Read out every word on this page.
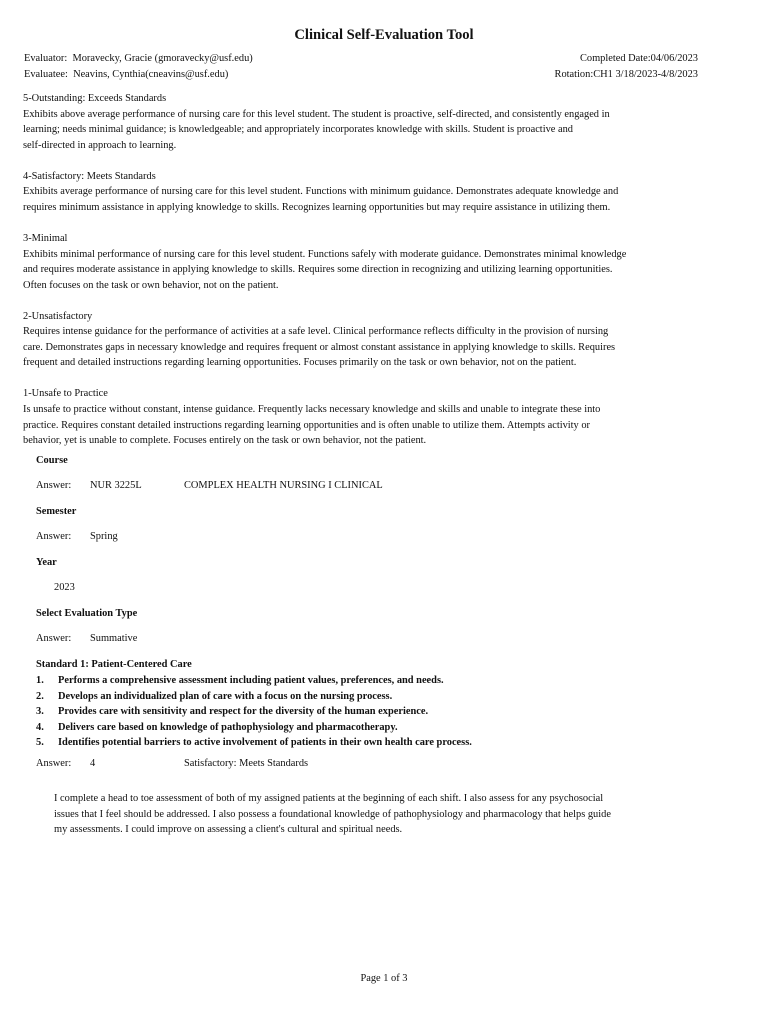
Clinical Self-Evaluation Tool
Evaluator: Moravecky, Gracie (gmoravecky@usf.edu)	Completed Date:04/06/2023
Evaluatee: Neavins, Cynthia(cneavins@usf.edu)	Rotation:CH1 3/18/2023-4/8/2023
5-Outstanding: Exceeds Standards
Exhibits above average performance of nursing care for this level student. The student is proactive, self-directed, and consistently engaged in
learning; needs minimal guidance; is knowledgeable; and appropriately incorporates knowledge with skills. Student is proactive and
self-directed in approach to learning.
4-Satisfactory: Meets Standards
Exhibits average performance of nursing care for this level student. Functions with minimum guidance. Demonstrates adequate knowledge and
requires minimum assistance in applying knowledge to skills. Recognizes learning opportunities but may require assistance in utilizing them.
3-Minimal
Exhibits minimal performance of nursing care for this level student. Functions safely with moderate guidance. Demonstrates minimal knowledge
and requires moderate assistance in applying knowledge to skills. Requires some direction in recognizing and utilizing learning opportunities.
Often focuses on the task or own behavior, not on the patient.
2-Unsatisfactory
Requires intense guidance for the performance of activities at a safe level. Clinical performance reflects difficulty in the provision of nursing
care. Demonstrates gaps in necessary knowledge and requires frequent or almost constant assistance in applying knowledge to skills. Requires
frequent and detailed instructions regarding learning opportunities. Focuses primarily on the task or own behavior, not on the patient.
1-Unsafe to Practice
Is unsafe to practice without constant, intense guidance. Frequently lacks necessary knowledge and skills and unable to integrate these into
practice. Requires constant detailed instructions regarding learning opportunities and is often unable to utilize them. Attempts activity or
behavior, yet is unable to complete. Focuses entirely on the task or own behavior, not the patient.
Course
Answer: NUR 3225L	COMPLEX HEALTH NURSING I CLINICAL
Semester
Answer: Spring
Year
2023
Select Evaluation Type
Answer: Summative
Standard 1: Patient-Centered Care
1. Performs a comprehensive assessment including patient values, preferences, and needs.
2. Develops an individualized plan of care with a focus on the nursing process.
3. Provides care with sensitivity and respect for the diversity of the human experience.
4. Delivers care based on knowledge of pathophysiology and pharmacotherapy.
5. Identifies potential barriers to active involvement of patients in their own health care process.
Answer: 4	Satisfactory: Meets Standards
I complete a head to toe assessment of both of my assigned patients at the beginning of each shift. I also assess for any psychosocial
issues that I feel should be addressed. I also possess a foundational knowledge of pathophysiology and pharmacology that helps guide
my assessments. I could improve on assessing a client's cultural and spiritual needs.
Page 1 of 3
